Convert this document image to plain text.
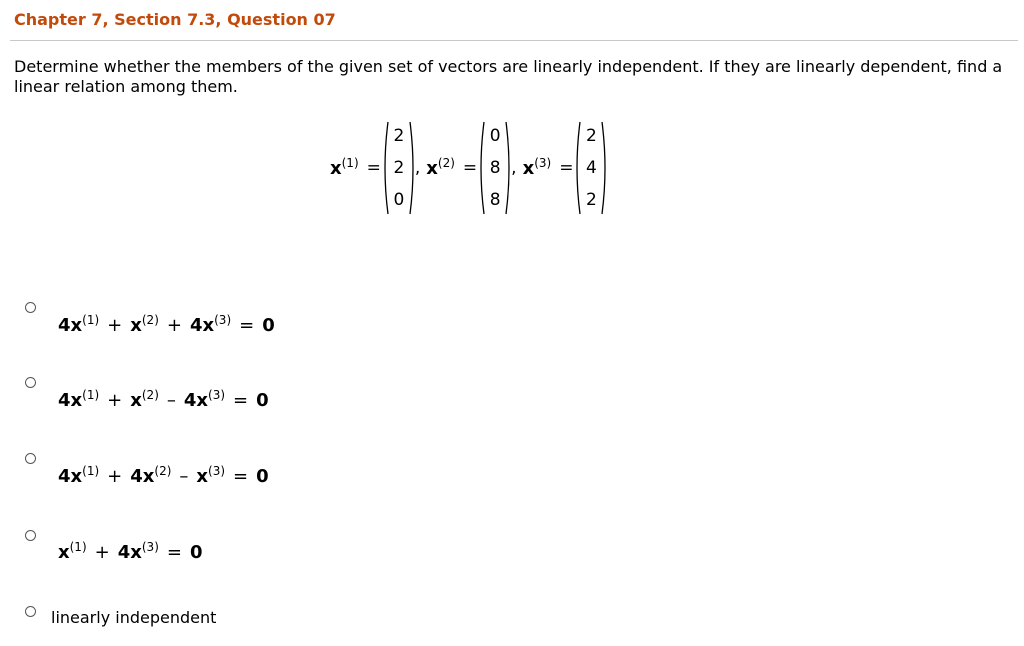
Chapter 7, Section 7.3, Question 07
Determine whether the members of the given set of vectors are linearly independent. If they are linearly dependent, find a linear relation among them.
$x^{(1)}$ =
2
2
0
, $x^{(2)}$ =
0
8
8
, $x^{(3)}$ =
2
4
2
$4x^{(1)} + x^{(2)} + 4x^{(3)} = 0$
$4x^{(1)} + x^{(2)} - 4x^{(3)} = 0$
$4x^{(1)} + 4x^{(2)} - x^{(3)} = 0$
$x^{(1)} + 4x^{(3)} = 0$
linearly independent
